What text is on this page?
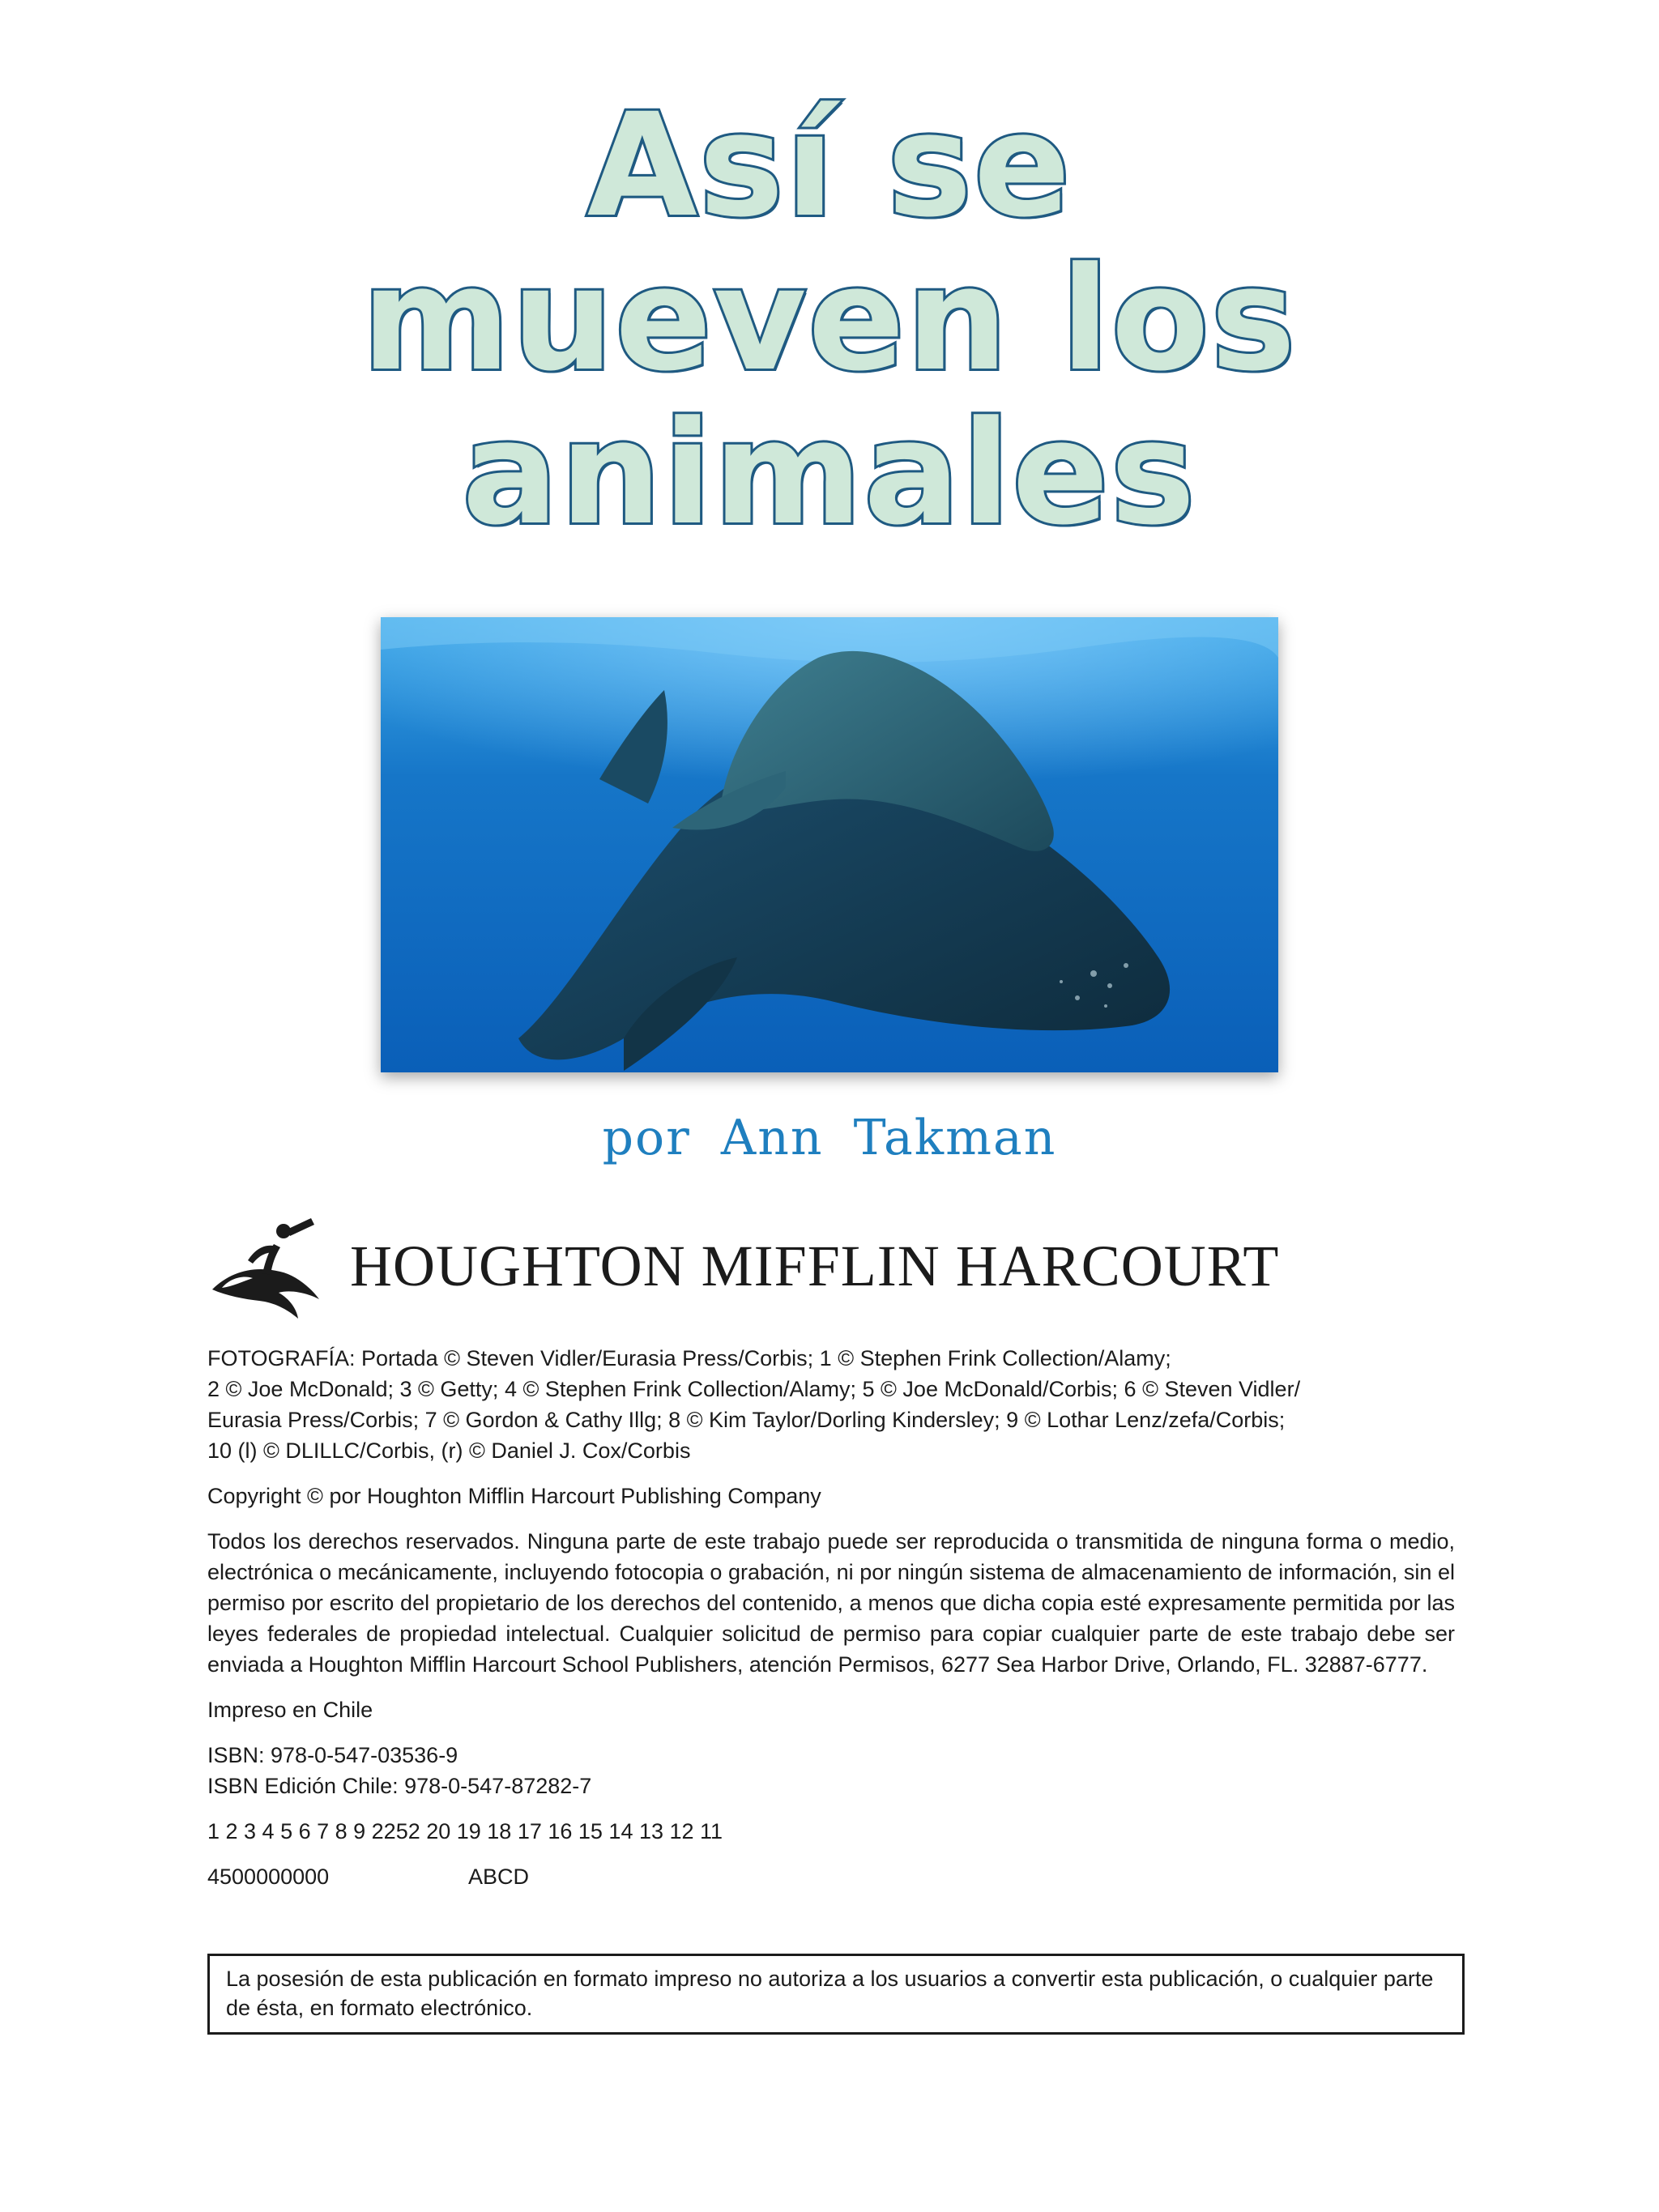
Así se
mueven los
animales
por Ann Takman
HOUGHTON MIFFLIN HARCOURT

FOTOGRAFÍA: Portada © Steven Vidler/Eurasia Press/Corbis; 1 © Stephen Frink Collection/Alamy;
2 © Joe McDonald; 3 © Getty; 4 © Stephen Frink Collection/Alamy; 5 © Joe McDonald/Corbis; 6 © Steven Vidler/
Eurasia Press/Corbis; 7 © Gordon & Cathy Illg; 8 © Kim Taylor/Dorling Kindersley; 9 © Lothar Lenz/zefa/Corbis;
10 (l) © DLILLC/Corbis, (r) © Daniel J. Cox/Corbis

Copyright © por Houghton Mifflin Harcourt Publishing Company

Todos los derechos reservados. Ninguna parte de este trabajo puede ser reproducida o transmitida de ninguna forma o medio, electrónica o mecánicamente, incluyendo fotocopia o grabación, ni por ningún sistema de almacenamiento de información, sin el permiso por escrito del propietario de los derechos del contenido, a menos que dicha copia esté expresamente permitida por las leyes federales de propiedad intelectual. Cualquier solicitud de permiso para copiar cualquier parte de este trabajo debe ser enviada a Houghton Mifflin Harcourt School Publishers, atención Permisos, 6277 Sea Harbor Drive, Orlando, FL. 32887-6777.

Impreso en Chile

ISBN: 978-0-547-03536-9
ISBN Edición Chile: 978-0-547-87282-7

1 2 3 4 5 6 7 8 9 2252 20 19 18 17 16 15 14 13 12 11

4500000000	ABCD

La posesión de esta publicación en formato impreso no autoriza a los usuarios a convertir esta publicación, o cualquier parte de ésta, en formato electrónico.
